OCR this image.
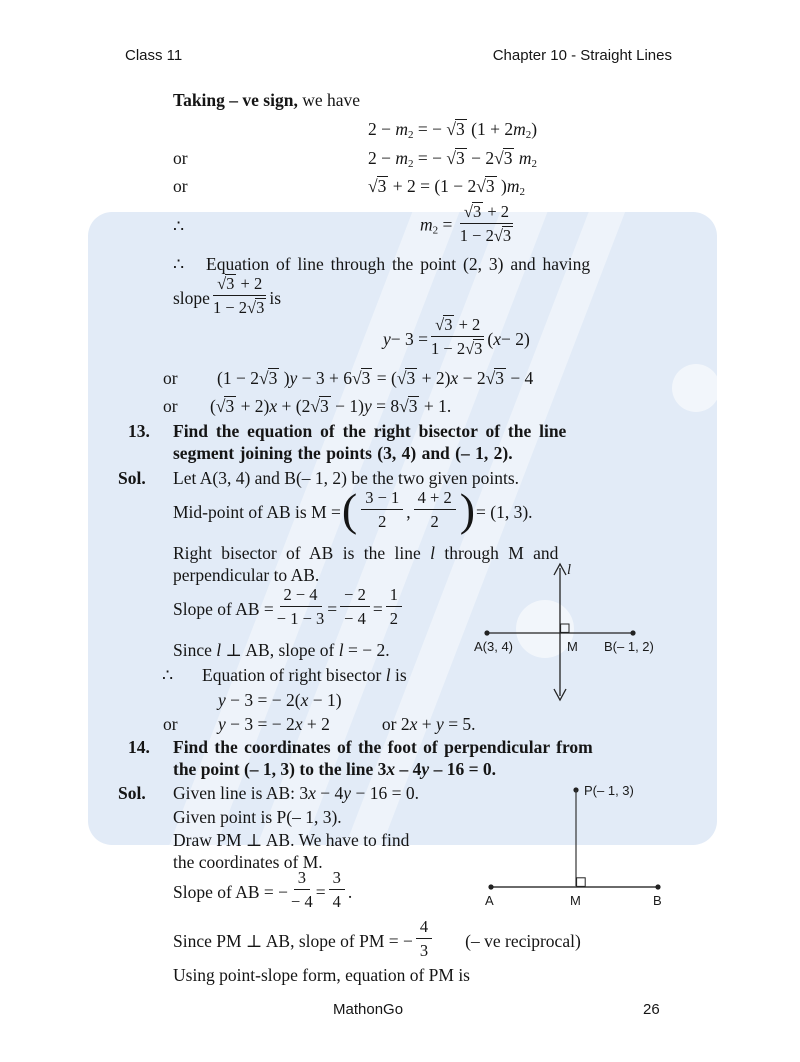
Class 11	Chapter 10 - Straight Lines
Taking – ve sign, we have
$2 - m_2$ = − √3 $(1 + 2m_2)$
or	$2 - m_2$ = − √3 − 2√3 $m_2$
or	√3 + 2 = (1 − 2√3 )$m_2$
∴	$m_2 = \frac{√3 + 2}{1 - 2√3}$
∴ Equation of line through the point (2, 3) and having
slope $\frac{√3 + 2}{1 - 2√3}$ is
$y - 3 = \frac{√3 + 2}{1 - 2√3}$ ( x − 2)
or (1 − 2√3 )y − 3 + 6√3 = (√3 + 2)x − 2√3 − 4
or (√3 + 2)x + (2√3 − 1)y = 8√3 + 1.
13. Find the equation of the right bisector of the line
segment joining the points (3, 4) and (– 1, 2).
Sol. Let A(3, 4) and B(– 1, 2) be the two given points.
Mid-point of AB is M = ( $\frac{3 - 1}{2}$ , $\frac{4 + 2}{2}$ ) = (1, 3).
Right bisector of AB is the line l through M and
perpendicular to AB.
Slope of AB = $\frac{2 - 4}{- 1 - 3} = \frac{- 2}{- 4} = \frac{1}{2}$
Since l ⊥ AB, slope of l = − 2.
∴ Equation of right bisector l is
y − 3 = − 2(x − 1)
or y − 3 = − 2x + 2	or 2x + y = 5.
14. Find the coordinates of the foot of perpendicular from
the point (– 1, 3) to the line 3x – 4y – 16 = 0.
Sol. Given line is AB: 3x − 4y − 16 = 0.
Given point is P(– 1, 3).
Draw PM ⊥ AB. We have to find
the coordinates of M.
Slope of AB = − $\frac{3}{- 4} = \frac{3}{4}$ .
Since PM ⊥ AB, slope of PM = − $\frac{4}{3}$ (– ve reciprocal)
Using point-slope form, equation of PM is
l
A(3, 4)	M B(– 1, 2)
P(– 1, 3)
A	M	B
MathonGo	26
